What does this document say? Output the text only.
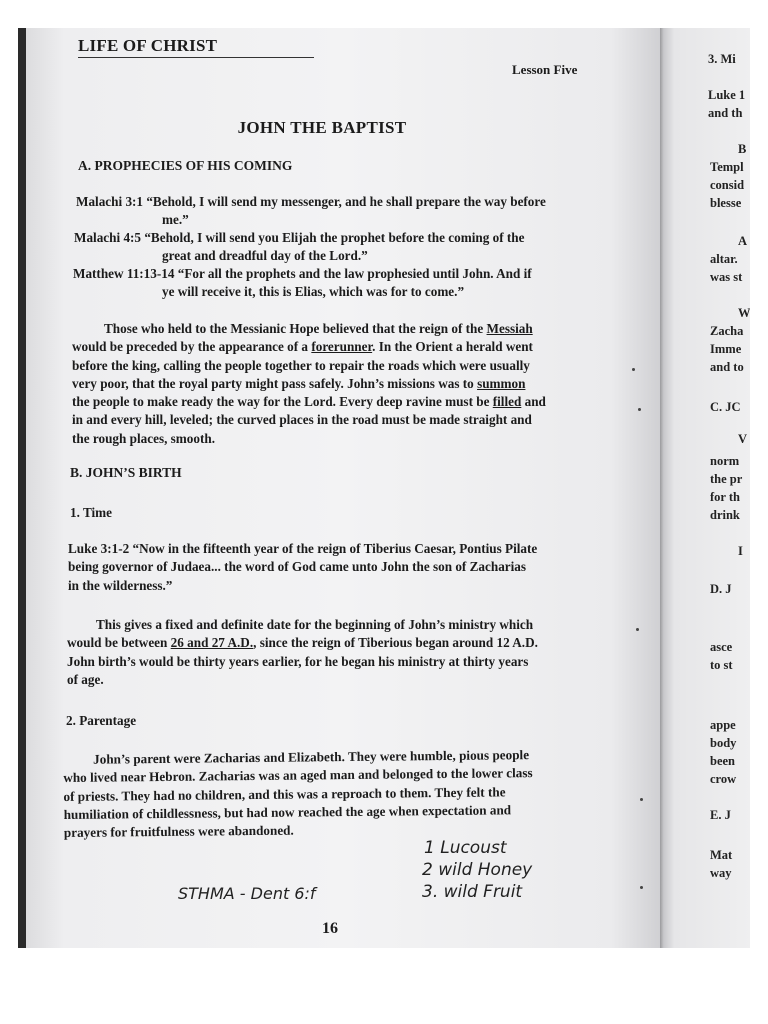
LIFE OF CHRIST
Lesson Five
JOHN THE BAPTIST
A. PROPHECIES OF HIS COMING
Malachi 3:1 “Behold, I will send my messenger, and he shall prepare the way before
me.”
Malachi 4:5 “Behold, I will send you Elijah the prophet before the coming of the
great and dreadful day of the Lord.”
Matthew 11:13-14 “For all the prophets and the law prophesied until John. And if
ye will receive it, this is Elias, which was for to come.”
Those who held to the Messianic Hope believed that the reign of the Messiah
would be preceded by the appearance of a forerunner. In the Orient a herald went
before the king, calling the people together to repair the roads which were usually
very poor, that the royal party might pass safely. John’s missions was to summon
the people to make ready the way for the Lord. Every deep ravine must be filled and
in and every hill, leveled; the curved places in the road must be made straight and
the rough places, smooth.
B. JOHN’S BIRTH
1. Time
Luke 3:1-2 “Now in the fifteenth year of the reign of Tiberius Caesar, Pontius Pilate
being governor of Judaea... the word of God came unto John the son of Zacharias
in the wilderness.”
This gives a fixed and definite date for the beginning of John’s ministry which
would be between 26 and 27 A.D., since the reign of Tiberious began around 12 A.D.
John birth’s would be thirty years earlier, for he began his ministry at thirty years
of age.
2. Parentage
John’s parent were Zacharias and Elizabeth. They were humble, pious people
who lived near Hebron. Zacharias was an aged man and belonged to the lower class
of priests. They had no children, and this was a reproach to them. They felt the
humiliation of childlessness, but had now reached the age when expectation and
prayers for fruitfulness were abandoned.
1 Lucoust
2 wild Honey
3. wild Fruit
STHMA - Dent 6:f
16
3. Mi
Luke 1
and th
B
Templ
consid
blesse
A
altar.
was st
W
Zacha
Imme
and to
C. JC
V
norm
the pr
for th
drink
I
D. J
asce
to st
appe
body
been
crow
E. J
Mat
way
